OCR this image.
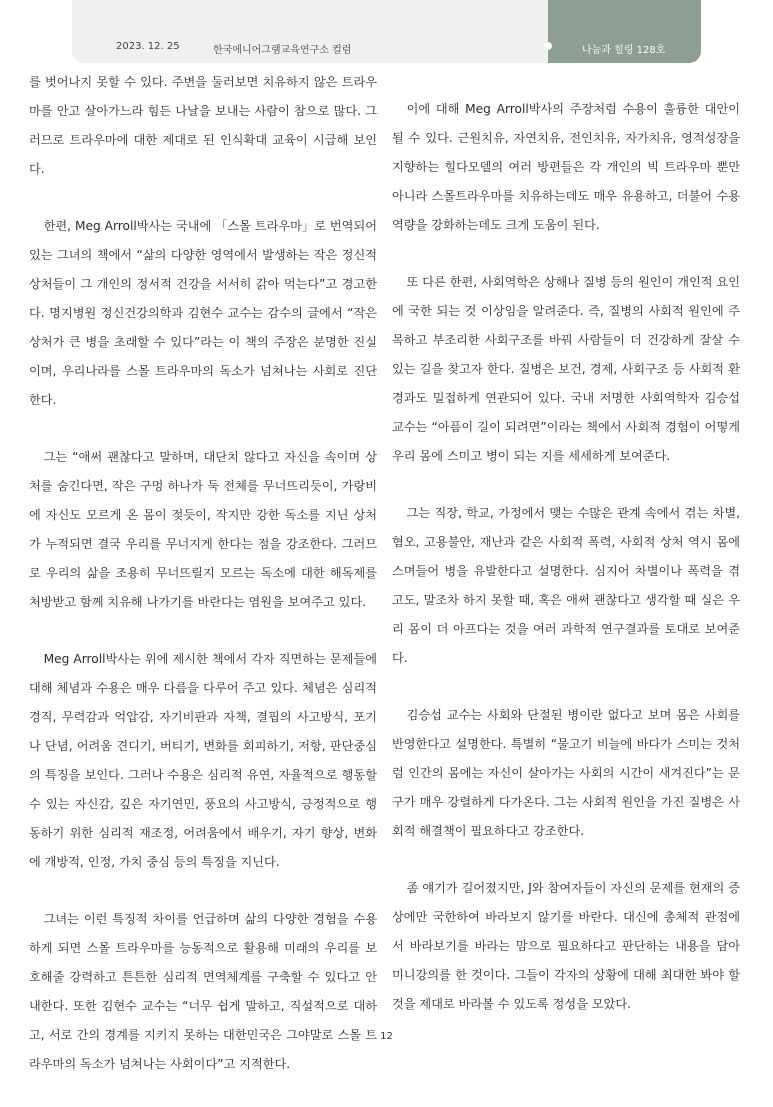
2023. 12. 25	한국에니어그램교육연구소 컬럼	나눔과 힐링 128호

를 벗어나지 못할 수 있다. 주변을 둘러보면 치유하지 않은 트라우마를 안고 살아가느라 힘든 나날을 보내는 사람이 참으로 많다. 그러므로 트라우마에 대한 제대로 된 인식확대 교육이 시급해 보인다.

한편, Meg Arroll박사는 국내에 「스몰 트라우마」로 번역되어 있는 그녀의 책에서 “삶의 다양한 영역에서 발생하는 작은 정신적 상처들이 그 개인의 정서적 건강을 서서히 갉아 먹는다”고 경고한다. 명지병원 정신건강의학과 김현수 교수는 감수의 글에서 “작은 상처가 큰 병을 초래할 수 있다”라는 이 책의 주장은 분명한 진실이며, 우리나라를 스몰 트라우마의 독소가 넘쳐나는 사회로 진단한다.

그는 “애써 괜찮다고 말하며, 대단치 않다고 자신을 속이며 상처를 숨긴다면, 작은 구멍 하나가 둑 전체를 무너뜨리듯이, 가랑비에 자신도 모르게 온 몸이 젖듯이, 작지만 강한 독소를 지닌 상처가 누적되면 결국 우리를 무너지게 한다는 점을 강조한다. 그러므로 우리의 삶을 조용히 무너뜨릴지 모르는 독소에 대한 해독제를 처방받고 함께 치유해 나가기를 바란다는 염원을 보여주고 있다.

Meg Arroll박사는 위에 제시한 책에서 각자 직면하는 문제들에 대해 체념과 수용은 매우 다름을 다루어 주고 있다. 체념은 심리적 경직, 무력감과 억압감, 자기비판과 자책, 결핍의 사고방식, 포기나 단념, 어려움 견디기, 버티기, 변화를 회피하기, 저항, 판단중심의 특징을 보인다. 그러나 수용은 심리적 유연, 자율적으로 행동할 수 있는 자신감, 깊은 자기연민, 풍요의 사고방식, 긍정적으로 행동하기 위한 심리적 재조정, 어려움에서 배우기, 자기 향상, 변화에 개방적, 인정, 가치 중심 등의 특징을 지닌다.

그녀는 이런 특징적 차이를 언급하며 삶의 다양한 경험을 수용하게 되면 스몰 트라우마를 능동적으로 활용해 미래의 우리를 보호해줄 강력하고 튼튼한 심리적 면역체계를 구축할 수 있다고 안내한다. 또한 김현수 교수는 “너무 쉽게 말하고, 직설적으로 대하고, 서로 간의 경계를 지키지 못하는 대한민국은 그야말로 스몰 트라우마의 독소가 넘쳐나는 사회이다”고 지적한다.

이에 대해 Meg Arroll박사의 주장처럼 수용이 훌륭한 대안이 될 수 있다. 근원치유, 자연치유, 전인치유, 자가치유, 영적성장을 지향하는 힐다모델의 여러 방편들은 각 개인의 빅 트라우마 뿐만 아니라 스몰트라우마를 치유하는데도 매우 유용하고, 더불어 수용역량을 강화하는데도 크게 도움이 된다.

또 다른 한편, 사회역학은 상해나 질병 등의 원인이 개인적 요인에 국한 되는 것 이상임을 알려준다. 즉, 질병의 사회적 원인에 주목하고 부조리한 사회구조를 바꿔 사람들이 더 건강하게 잘살 수 있는 길을 찾고자 한다. 질병은 보건, 경제, 사회구조 등 사회적 환경과도 밀접하게 연관되어 있다. 국내 저명한 사회역학자 김승섭 교수는 “아픔이 길이 되려면”이라는 책에서 사회적 경험이 어떻게 우리 몸에 스미고 병이 되는 지를 세세하게 보여준다.

그는 직장, 학교, 가정에서 맺는 수많은 관계 속에서 겪는 차별, 혐오, 고용불안, 재난과 같은 사회적 폭력, 사회적 상처 역시 몸에 스며들어 병을 유발한다고 설명한다. 심지어 차별이나 폭력을 겪고도, 말조차 하지 못할 때, 혹은 애써 괜찮다고 생각할 때 실은 우리 몸이 더 아프다는 것을 여러 과학적 연구결과를 토대로 보여준다.

김승섭 교수는 사회와 단절된 병이란 없다고 보며 몸은 사회를 반영한다고 설명한다. 특별히 “물고기 비늘에 바다가 스미는 것처럼 인간의 몸에는 자신이 살아가는 사회의 시간이 새겨진다”는 문구가 매우 강렬하게 다가온다. 그는 사회적 원인을 가진 질병은 사회적 해결책이 필요하다고 강조한다.

좀 얘기가 길어졌지만, J와 참여자들이 자신의 문제를 현재의 증상에만 국한하여 바라보지 않기를 바란다. 대신에 총체적 관점에서 바라보기를 바라는 맘으로 필요하다고 판단하는 내용을 담아 미니강의를 한 것이다. 그들이 각자의 상황에 대해 최대한 봐야 할 것을 제대로 바라볼 수 있도록 정성을 모았다.

12
